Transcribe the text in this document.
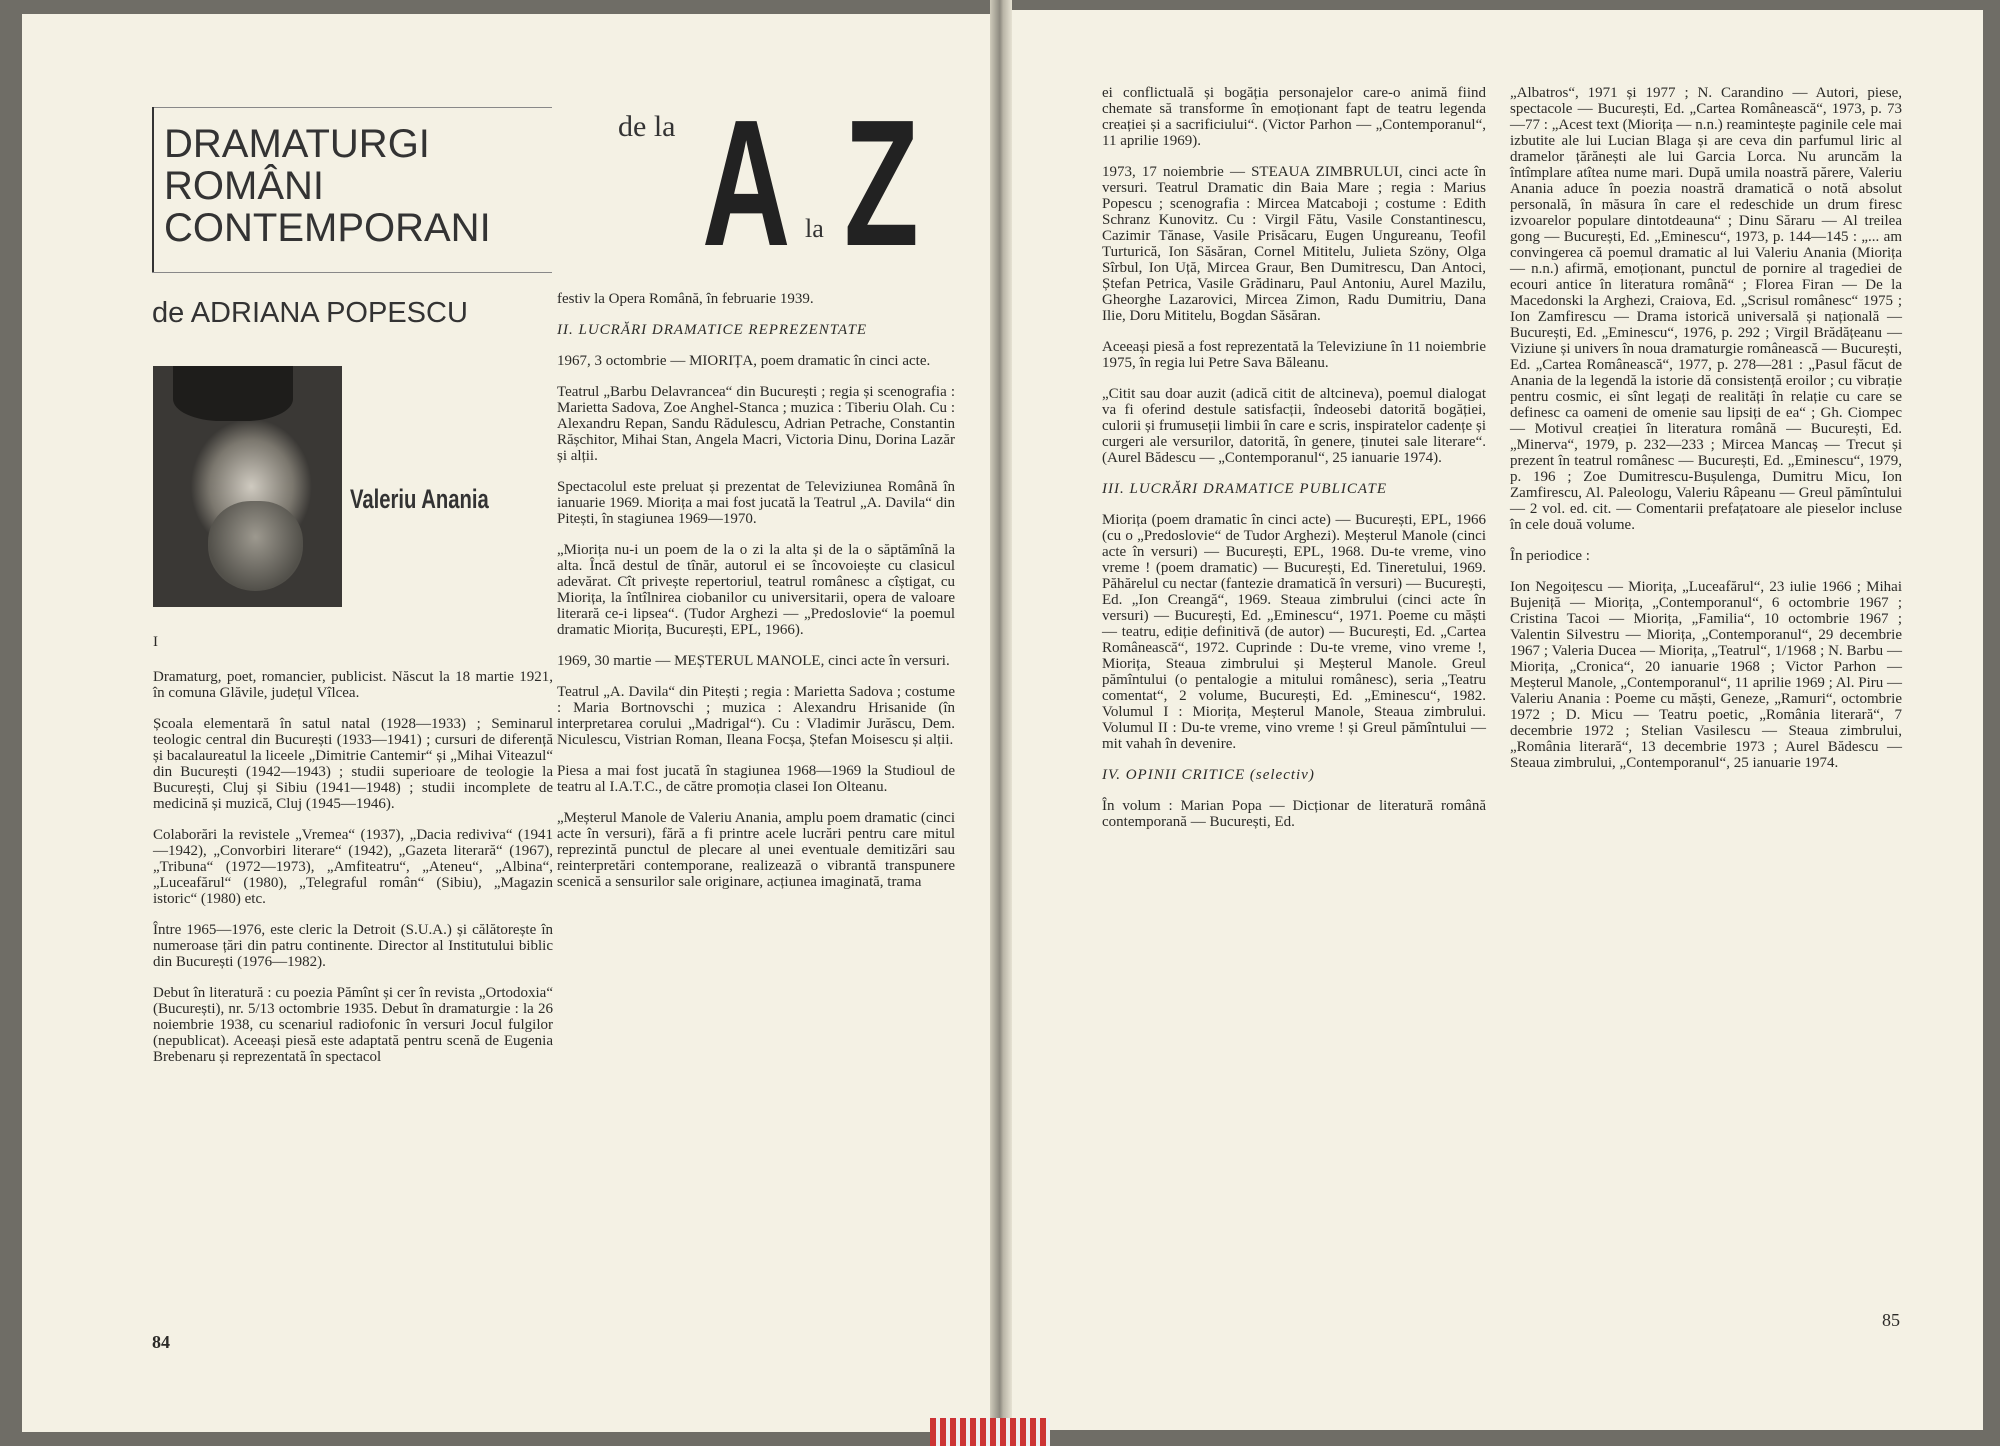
DRAMATURGI
ROMÂNI
CONTEMPORANI
de la A la Z
de ADRIANA POPESCU
Valeriu Anania
I

Dramaturg, poet, romancier, publicist. Născut la 18 martie 1921, în comuna Glăvile, județul Vîlcea.

Școala elementară în satul natal (1928—1933) ; Seminarul teologic central din București (1933—1941) ; cursuri de diferență și bacalaureatul la liceele „Dimitrie Cantemir“ și „Mihai Viteazul“ din București (1942—1943) ; studii superioare de teologie la București, Cluj și Sibiu (1941—1948) ; studii incomplete de medicină și muzică, Cluj (1945—1946).

Colaborări la revistele „Vremea“ (1937), „Dacia rediviva“ (1941—1942), „Convorbiri literare“ (1942), „Gazeta literară“ (1967), „Tribuna“ (1972—1973), „Amfiteatru“, „Ateneu“, „Albina“, „Luceafărul“ (1980), „Telegraful român“ (Sibiu), „Magazin istoric“ (1980) etc.

Între 1965—1976, este cleric la Detroit (S.U.A.) și călătorește în numeroase țări din patru continente. Director al Institutului biblic din București (1976—1982).

Debut în literatură : cu poezia Pămînt și cer în revista „Ortodoxia“ (București), nr. 5/13 octombrie 1935. Debut în dramaturgie : la 26 noiembrie 1938, cu scenariul radiofonic în versuri Jocul fulgilor (nepublicat). Aceeași piesă este adaptată pentru scenă de Eugenia Brebenaru și reprezentată în spectacol

festiv la Opera Română, în februarie 1939.

II. LUCRĂRI DRAMATICE REPREZENTATE

1967, 3 octombrie — MIORIȚA, poem dramatic în cinci acte.

Teatrul „Barbu Delavrancea“ din București ; regia și scenografia : Marietta Sadova, Zoe Anghel-Stanca ; muzica : Tiberiu Olah. Cu : Alexandru Repan, Sandu Rădulescu, Adrian Petrache, Constantin Rășchitor, Mihai Stan, Angela Macri, Victoria Dinu, Dorina Lazăr și alții.

Spectacolul este preluat și prezentat de Televiziunea Română în ianuarie 1969. Miorița a mai fost jucată la Teatrul „A. Davila“ din Pitești, în stagiunea 1969—1970.

„Miorița nu-i un poem de la o zi la alta și de la o săptămînă la alta. Încă destul de tînăr, autorul ei se încovoiește cu clasicul adevărat. Cît privește repertoriul, teatrul românesc a cîștigat, cu Miorița, la întîlnirea ciobanilor cu universitarii, opera de valoare literară ce-i lipsea“. (Tudor Arghezi — „Predoslovie“ la poemul dramatic Miorița, București, EPL, 1966).

1969, 30 martie — MEȘTERUL MANOLE, cinci acte în versuri.

Teatrul „A. Davila“ din Pitești ; regia : Marietta Sadova ; costume : Maria Bortnovschi ; muzica : Alexandru Hrisanide (în interpretarea corului „Madrigal“). Cu : Vladimir Jurăscu, Dem. Niculescu, Vistrian Roman, Ileana Focșa, Ștefan Moisescu și alții.

Piesa a mai fost jucată în stagiunea 1968—1969 la Studioul de teatru al I.A.T.C., de către promoția clasei Ion Olteanu.

„Meșterul Manole de Valeriu Anania, amplu poem dramatic (cinci acte în versuri), fără a fi printre acele lucrări pentru care mitul reprezintă punctul de plecare al unei eventuale demitizări sau reinterpretări contemporane, realizează o vibrantă transpunere scenică a sensurilor sale originare, acțiunea imaginată, trama

84

ei conflictuală și bogăția personajelor care-o animă fiind chemate să transforme în emoționant fapt de teatru legenda creației și a sacrificiului“. (Victor Parhon — „Contemporanul“, 11 aprilie 1969).

1973, 17 noiembrie — STEAUA ZIMBRULUI, cinci acte în versuri. Teatrul Dramatic din Baia Mare ; regia : Marius Popescu ; scenografia : Mircea Matcaboji ; costume : Edith Schranz Kunovitz. Cu : Virgil Fătu, Vasile Constantinescu, Cazimir Tănase, Vasile Prisăcaru, Eugen Ungureanu, Teofil Turturică, Ion Săsăran, Cornel Mititelu, Julieta Szöny, Olga Sîrbul, Ion Uță, Mircea Graur, Ben Dumitrescu, Dan Antoci, Ștefan Petrica, Vasile Grădinaru, Paul Antoniu, Aurel Mazilu, Gheorghe Lazarovici, Mircea Zimon, Radu Dumitriu, Dana Ilie, Doru Mititelu, Bogdan Săsăran.

Aceeași piesă a fost reprezentată la Televiziune în 11 noiembrie 1975, în regia lui Petre Sava Băleanu.

„Citit sau doar auzit (adică citit de altcineva), poemul dialogat va fi oferind destule satisfacții, îndeosebi datorită bogăției, culorii și frumuseții limbii în care e scris, inspiratelor cadențe și curgeri ale versurilor, datorită, în genere, ținutei sale literare“. (Aurel Bădescu — „Contemporanul“, 25 ianuarie 1974).

III. LUCRĂRI DRAMATICE PUBLICATE

Miorița (poem dramatic în cinci acte) — București, EPL, 1966 (cu o „Predoslovie“ de Tudor Arghezi). Meșterul Manole (cinci acte în versuri) — București, EPL, 1968. Du-te vreme, vino vreme ! (poem dramatic) — București, Ed. Tineretului, 1969. Păhărelul cu nectar (fantezie dramatică în versuri) — București, Ed. „Ion Creangă“, 1969. Steaua zimbrului (cinci acte în versuri) — București, Ed. „Eminescu“, 1971. Poeme cu măști — teatru, ediție definitivă (de autor) — București, Ed. „Cartea Românească“, 1972. Cuprinde : Du-te vreme, vino vreme !, Miorița, Steaua zimbrului și Meșterul Manole. Greul pămîntului (o pentalogie a mitului românesc), seria „Teatru comentat“, 2 volume, București, Ed. „Eminescu“, 1982. Volumul I : Miorița, Meșterul Manole, Steaua zimbrului. Volumul II : Du-te vreme, vino vreme ! și Greul pămîntului — mit vahah în devenire.

IV. OPINII CRITICE (selectiv)

În volum : Marian Popa — Dicționar de literatură română contemporană — București, Ed.

„Albatros“, 1971 și 1977 ; N. Carandino — Autori, piese, spectacole — București, Ed. „Cartea Românească“, 1973, p. 73—77 : „Acest text (Miorița — n.n.) reamintește paginile cele mai izbutite ale lui Lucian Blaga și are ceva din parfumul liric al dramelor țărănești ale lui Garcia Lorca. Nu aruncăm la întîmplare atîtea nume mari. După umila noastră părere, Valeriu Anania aduce în poezia noastră dramatică o notă absolut personală, în măsura în care el redeschide un drum firesc izvoarelor populare dintotdeauna“ ; Dinu Săraru — Al treilea gong — București, Ed. „Eminescu“, 1973, p. 144—145 : „... am convingerea că poemul dramatic al lui Valeriu Anania (Miorița — n.n.) afirmă, emoționant, punctul de pornire al tragediei de ecouri antice în literatura română“ ; Florea Firan — De la Macedonski la Arghezi, Craiova, Ed. „Scrisul românesc“ 1975 ; Ion Zamfirescu — Drama istorică universală și națională — București, Ed. „Eminescu“, 1976, p. 292 ; Virgil Brădățeanu — Viziune și univers în noua dramaturgie românească — București, Ed. „Cartea Românească“, 1977, p. 278—281 : „Pasul făcut de Anania de la legendă la istorie dă consistență eroilor ; cu vibrație pentru cosmic, ei sînt legați de realități în relație cu care se definesc ca oameni de omenie sau lipsiți de ea“ ; Gh. Ciompec — Motivul creației în literatura română — București, Ed. „Minerva“, 1979, p. 232—233 ; Mircea Mancaș — Trecut și prezent în teatrul românesc — București, Ed. „Eminescu“, 1979, p. 196 ; Zoe Dumitrescu-Bușulenga, Dumitru Micu, Ion Zamfirescu, Al. Paleologu, Valeriu Râpeanu — Greul pămîntului — 2 vol. ed. cit. — Comentarii prefațatoare ale pieselor incluse în cele două volume.

În periodice :

Ion Negoițescu — Miorița, „Luceafărul“, 23 iulie 1966 ; Mihai Bujeniță — Miorița, „Contemporanul“, 6 octombrie 1967 ; Cristina Tacoi — Miorița, „Familia“, 10 octombrie 1967 ; Valentin Silvestru — Miorița, „Contemporanul“, 29 decembrie 1967 ; Valeria Ducea — Miorița, „Teatrul“, 1/1968 ; N. Barbu — Miorița, „Cronica“, 20 ianuarie 1968 ; Victor Parhon — Meșterul Manole, „Contemporanul“, 11 aprilie 1969 ; Al. Piru — Valeriu Anania : Poeme cu măști, Geneze, „Ramuri“, octombrie 1972 ; D. Micu — Teatru poetic, „România literară“, 7 decembrie 1972 ; Stelian Vasilescu — Steaua zimbrului, „România literară“, 13 decembrie 1973 ; Aurel Bădescu — Steaua zimbrului, „Contemporanul“, 25 ianuarie 1974.

85
